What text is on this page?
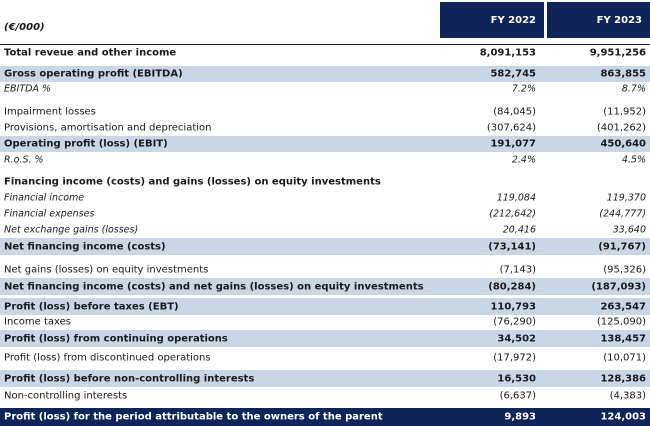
(€/000)
FY 2022	FY 2023
Total reveue and other income	8,091,153	9,951,256
Gross operating profit (EBITDA)	582,745	863,855
EBITDA %	7.2%	8.7%
Impairment losses	(84,045)	(11,952)
Provisions, amortisation and depreciation	(307,624)	(401,262)
Operating profit (loss) (EBIT)	191,077	450,640
R.o.S. %	2.4%	4.5%
Financing income (costs) and gains (losses) on equity investments
Financial income	119,084	119,370
Financial expenses	(212,642)	(244,777)
Net exchange gains (losses)	20,416	33,640
Net financing income (costs)	(73,141)	(91,767)
Net gains (losses) on equity investments	(7,143)	(95,326)
Net financing income (costs) and net gains (losses) on equity investments	(80,284)	(187,093)
Profit (loss) before taxes (EBT)	110,793	263,547
Income taxes	(76,290)	(125,090)
Profit (loss) from continuing operations	34,502	138,457
Profit (loss) from discontinued operations	(17,972)	(10,071)
Profit (loss) before non-controlling interests	16,530	128,386
Non-controlling interests	(6,637)	(4,383)
Profit (loss) for the period attributable to the owners of the parent	9,893	124,003
